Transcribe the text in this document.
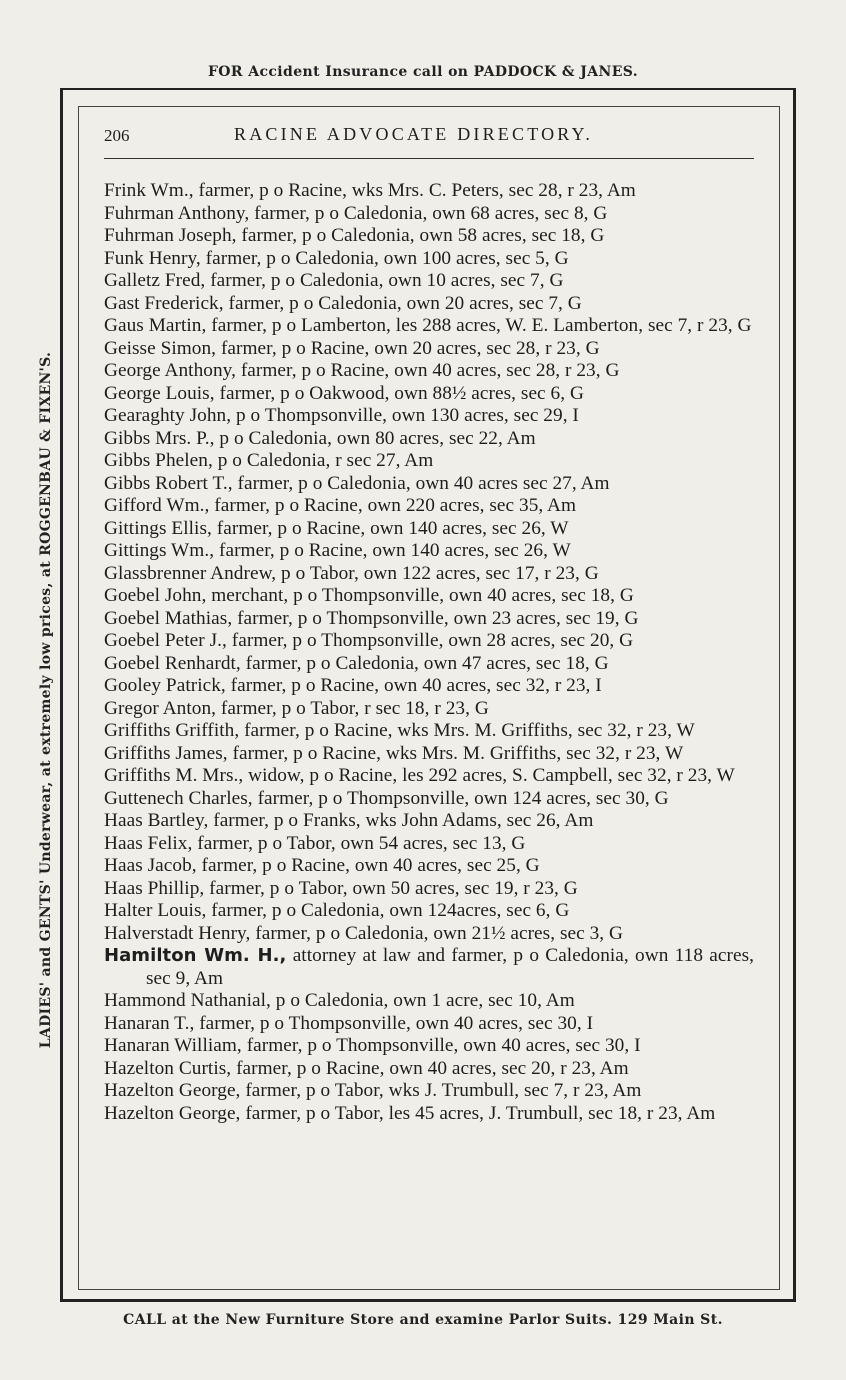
FOR Accident Insurance call on PADDOCK & JANES.
LADIES' and GENTS' Underwear, at extremely low prices, at ROGGENBAU & FIXEN'S.
206	RACINE ADVOCATE DIRECTORY.
Frink Wm., farmer, p o Racine, wks Mrs. C. Peters, sec 28, r 23, Am
Fuhrman Anthony, farmer, p o Caledonia, own 68 acres, sec 8, G
Fuhrman Joseph, farmer, p o Caledonia, own 58 acres, sec 18, G
Funk Henry, farmer, p o Caledonia, own 100 acres, sec 5, G
Galletz Fred, farmer, p o Caledonia, own 10 acres, sec 7, G
Gast Frederick, farmer, p o Caledonia, own 20 acres, sec 7, G
Gaus Martin, farmer, p o Lamberton, les 288 acres, W. E. Lamberton, sec 7, r 23, G
Geisse Simon, farmer, p o Racine, own 20 acres, sec 28, r 23, G
George Anthony, farmer, p o Racine, own 40 acres, sec 28, r 23, G
George Louis, farmer, p o Oakwood, own 88½ acres, sec 6, G
Gearaghty John, p o Thompsonville, own 130 acres, sec 29, I
Gibbs Mrs. P., p o Caledonia, own 80 acres, sec 22, Am
Gibbs Phelen, p o Caledonia, r sec 27, Am
Gibbs Robert T., farmer, p o Caledonia, own 40 acres sec 27, Am
Gifford Wm., farmer, p o Racine, own 220 acres, sec 35, Am
Gittings Ellis, farmer, p o Racine, own 140 acres, sec 26, W
Gittings Wm., farmer, p o Racine, own 140 acres, sec 26, W
Glassbrenner Andrew, p o Tabor, own 122 acres, sec 17, r 23, G
Goebel John, merchant, p o Thompsonville, own 40 acres, sec 18, G
Goebel Mathias, farmer, p o Thompsonville, own 23 acres, sec 19, G
Goebel Peter J., farmer, p o Thompsonville, own 28 acres, sec 20, G
Goebel Renhardt, farmer, p o Caledonia, own 47 acres, sec 18, G
Gooley Patrick, farmer, p o Racine, own 40 acres, sec 32, r 23, I
Gregor Anton, farmer, p o Tabor, r sec 18, r 23, G
Griffiths Griffith, farmer, p o Racine, wks Mrs. M. Griffiths, sec 32, r 23, W
Griffiths James, farmer, p o Racine, wks Mrs. M. Griffiths, sec 32, r 23, W
Griffiths M. Mrs., widow, p o Racine, les 292 acres, S. Campbell, sec 32, r 23, W
Guttenech Charles, farmer, p o Thompsonville, own 124 acres, sec 30, G
Haas Bartley, farmer, p o Franks, wks John Adams, sec 26, Am
Haas Felix, farmer, p o Tabor, own 54 acres, sec 13, G
Haas Jacob, farmer, p o Racine, own 40 acres, sec 25, G
Haas Phillip, farmer, p o Tabor, own 50 acres, sec 19, r 23, G
Halter Louis, farmer, p o Caledonia, own 124acres, sec 6, G
Halverstadt Henry, farmer, p o Caledonia, own 21½ acres, sec 3, G
Hamilton Wm. H., attorney at law and farmer, p o Caledonia, own 118 acres, sec 9, Am
Hammond Nathanial, p o Caledonia, own 1 acre, sec 10, Am
Hanaran T., farmer, p o Thompsonville, own 40 acres, sec 30, I
Hanaran William, farmer, p o Thompsonville, own 40 acres, sec 30, I
Hazelton Curtis, farmer, p o Racine, own 40 acres, sec 20, r 23, Am
Hazelton George, farmer, p o Tabor, wks J. Trumbull, sec 7, r 23, Am
Hazelton George, farmer, p o Tabor, les 45 acres, J. Trumbull, sec 18, r 23, Am
CALL at the New Furniture Store and examine Parlor Suits. 129 Main St.
